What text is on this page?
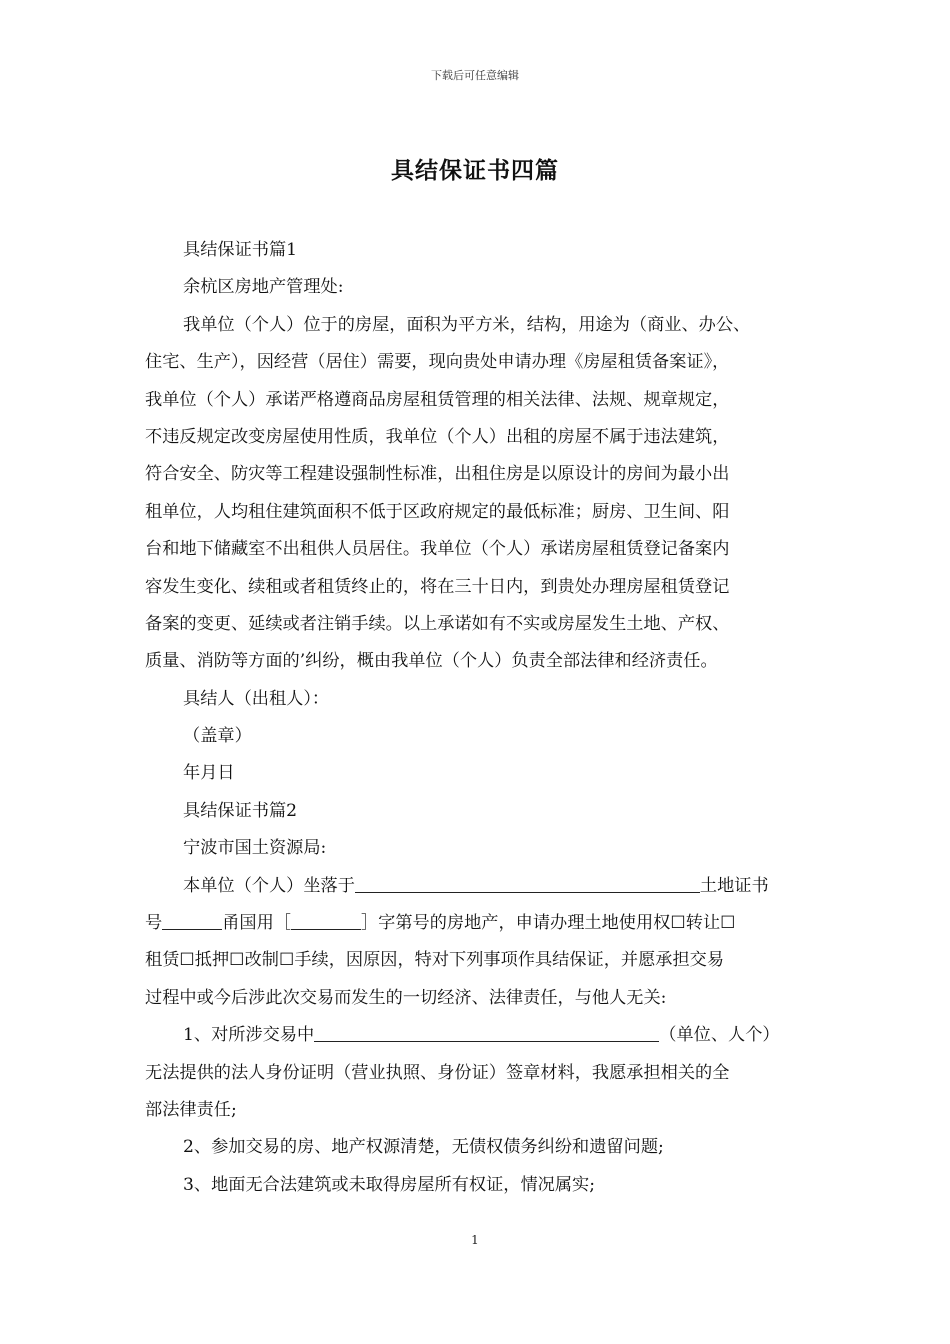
下载后可任意编辑
具结保证书四篇
具结保证书篇1
余杭区房地产管理处:
我单位（个人）位于的房屋，面积为平方米，结构，用途为（商业、办公、
住宅、生产），因经营（居住）需要，现向贵处申请办理《房屋租赁备案证》，
我单位（个人）承诺严格遵商品房屋租赁管理的相关法律、法规、规章规定，
不违反规定改变房屋使用性质，我单位（个人）出租的房屋不属于违法建筑，
符合安全、防灾等工程建设强制性标准，出租住房是以原设计的房间为最小出
租单位，人均租住建筑面积不低于区政府规定的最低标准；厨房、卫生间、阳
台和地下储藏室不出租供人员居住。我单位（个人）承诺房屋租赁登记备案内
容发生变化、续租或者租赁终止的，将在三十日内，到贵处办理房屋租赁登记
备案的变更、延续或者注销手续。以上承诺如有不实或房屋发生土地、产权、
质量、消防等方面的’纠纷，概由我单位（个人）负责全部法律和经济责任。
具结人（出租人）：
（盖章）
年月日
具结保证书篇2
宁波市国土资源局:
本单位（个人）坐落于	土地证书
号	甬国用［	］字第号的房地产，申请办理土地使用权☐转让☐
租赁☐抵押☐改制☐手续，因原因，特对下列事项作具结保证，并愿承担交易
过程中或今后涉此次交易而发生的一切经济、法律责任，与他人无关:
1、对所涉交易中	（单位、人个）
无法提供的法人身份证明（营业执照、身份证）签章材料，我愿承担相关的全
部法律责任;
2、参加交易的房、地产权源清楚，无债权债务纠纷和遗留问题;
3、地面无合法建筑或未取得房屋所有权证，情况属实;
1
